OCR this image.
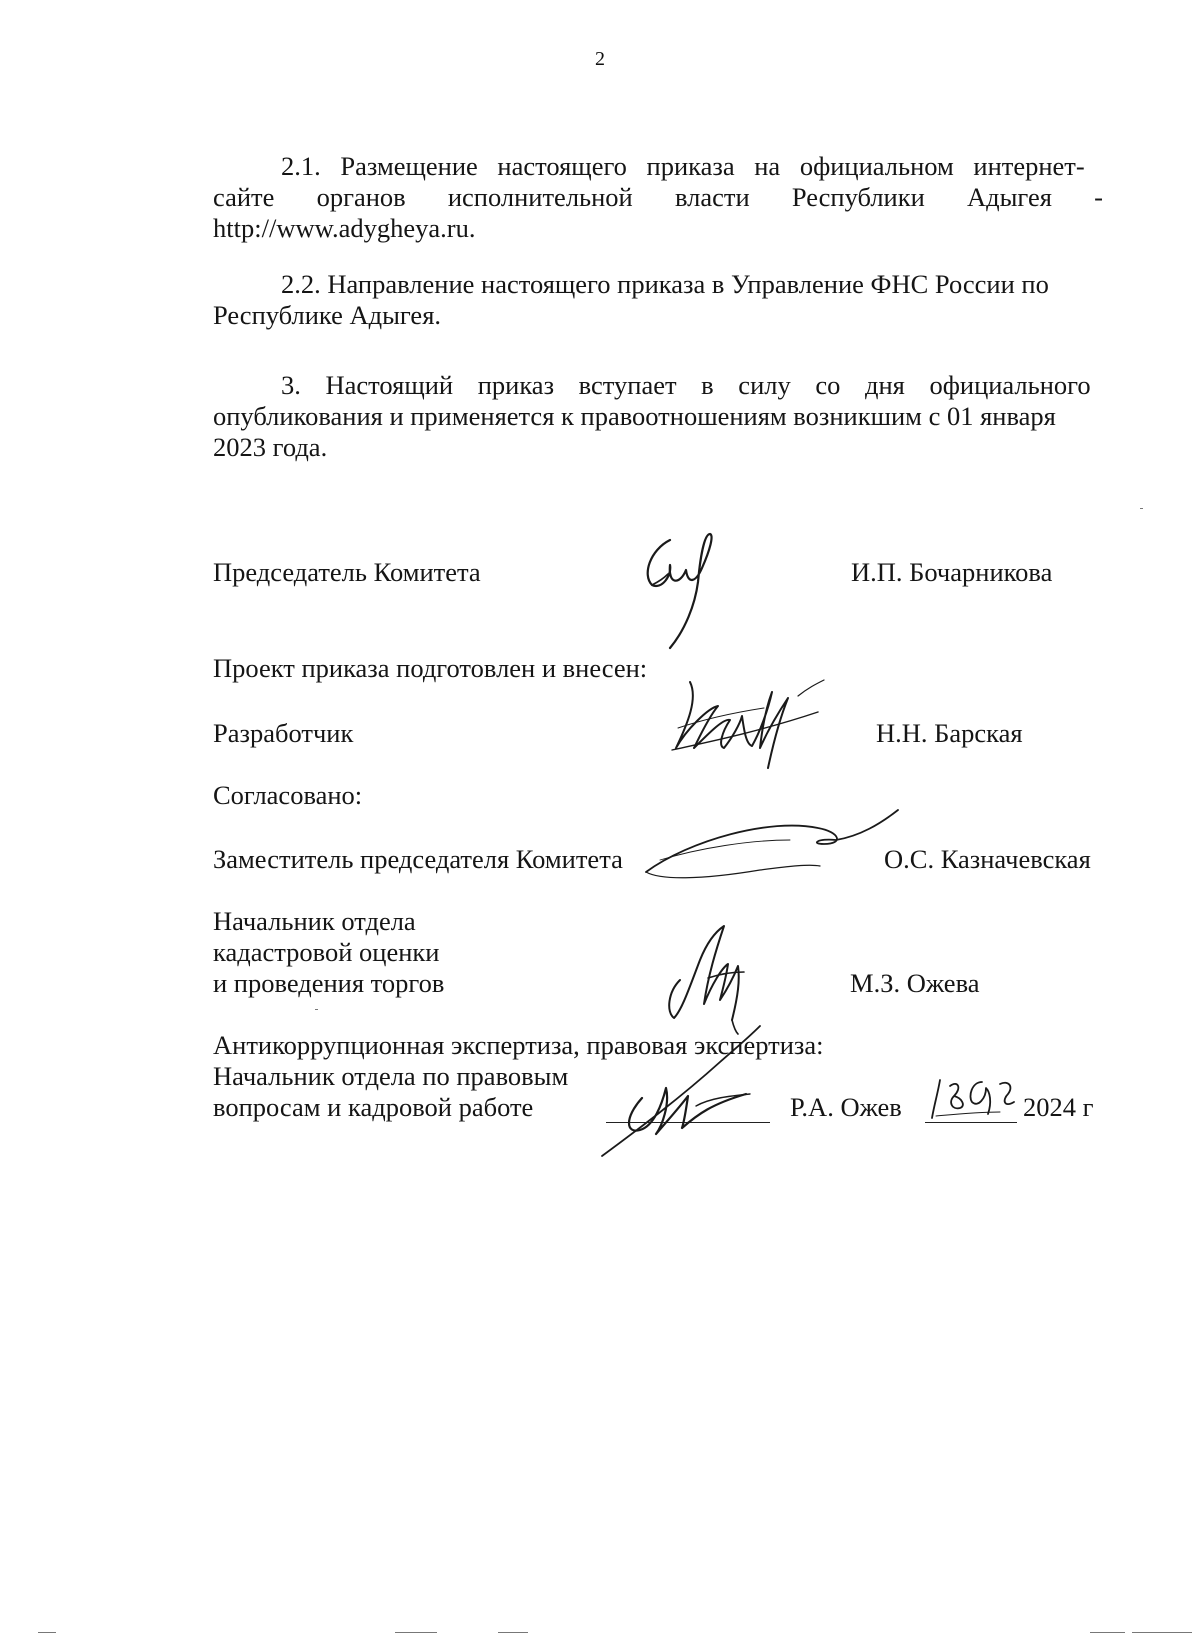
2
2.1. Размещение настоящего приказа на официальном интернет-
сайте органов исполнительной власти Республики Адыгея -
http://www.adygheya.ru.
2.2. Направление настоящего приказа в Управление ФНС России по
Республике Адыгея.
3. Настоящий приказ вступает в силу со дня официального
опубликования и применяется к правоотношениям возникшим с 01 января
2023 года.
Председатель Комитета	И.П. Бочарникова
Проект приказа подготовлен и внесен:
Разработчик	Н.Н. Барская
Согласовано:
Заместитель председателя Комитета	О.С. Казначевская
Начальник отдела
кадастровой оценки
и проведения торгов	М.З. Ожева
Антикоррупционная экспертиза, правовая экспертиза:
Начальник отдела по правовым
вопросам и кадровой работе	Р.А. Ожев	2024 г
